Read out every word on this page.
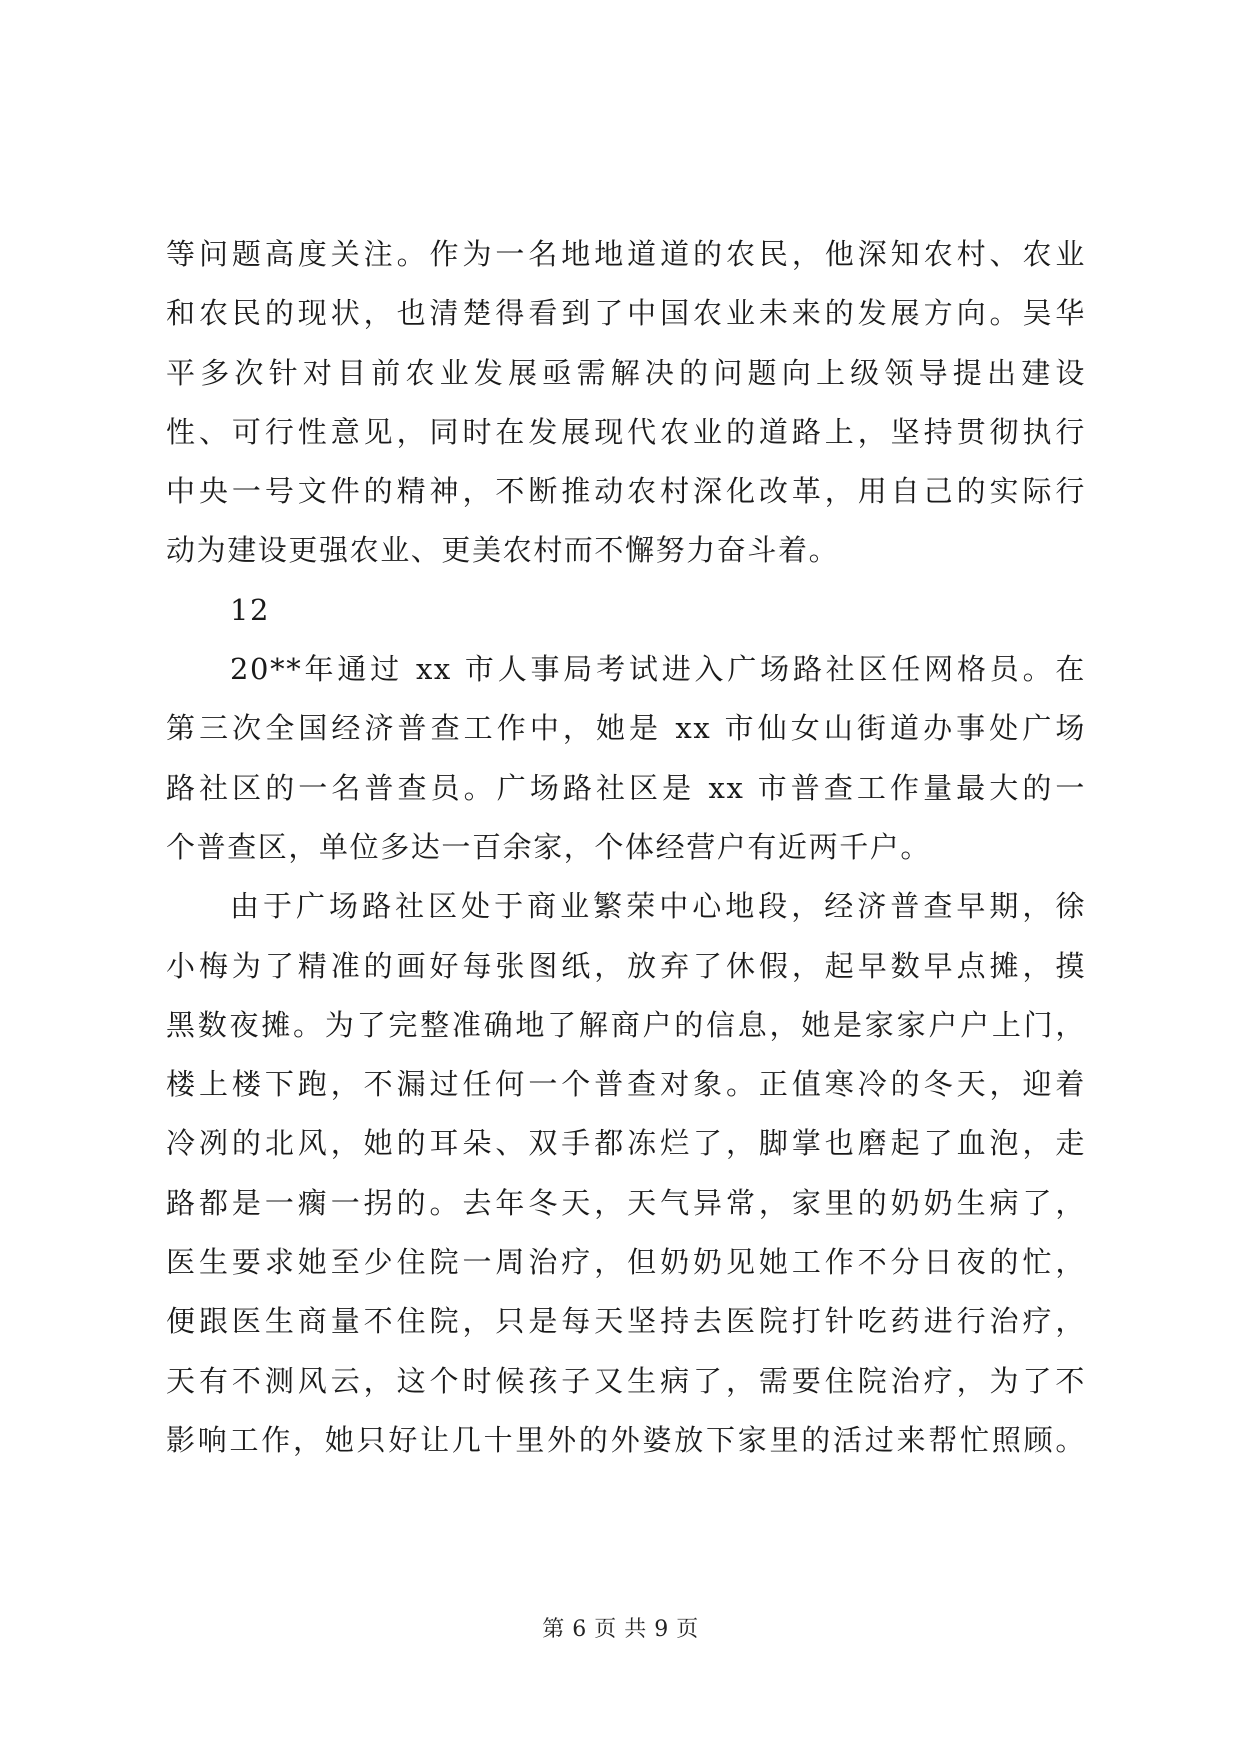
等问题高度关注。作为一名地地道道的农民，他深知农村、农业
和农民的现状，也清楚得看到了中国农业未来的发展方向。吴华
平多次针对目前农业发展亟需解决的问题向上级领导提出建设
性、可行性意见，同时在发展现代农业的道路上，坚持贯彻执行
中央一号文件的精神，不断推动农村深化改革，用自己的实际行
动为建设更强农业、更美农村而不懈努力奋斗着。
12
20**年通过 xx 市人事局考试进入广场路社区任网格员。在
第三次全国经济普查工作中，她是 xx 市仙女山街道办事处广场
路社区的一名普查员。广场路社区是 xx 市普查工作量最大的一
个普查区，单位多达一百余家，个体经营户有近两千户。
由于广场路社区处于商业繁荣中心地段，经济普查早期，徐
小梅为了精准的画好每张图纸，放弃了休假，起早数早点摊，摸
黑数夜摊。为了完整准确地了解商户的信息，她是家家户户上门，
楼上楼下跑，不漏过任何一个普查对象。正值寒冷的冬天，迎着
冷冽的北风，她的耳朵、双手都冻烂了，脚掌也磨起了血泡，走
路都是一瘸一拐的。去年冬天，天气异常，家里的奶奶生病了，
医生要求她至少住院一周治疗，但奶奶见她工作不分日夜的忙，
便跟医生商量不住院，只是每天坚持去医院打针吃药进行治疗，
天有不测风云，这个时候孩子又生病了，需要住院治疗，为了不
影响工作，她只好让几十里外的外婆放下家里的活过来帮忙照顾。
第 6 页 共 9 页
